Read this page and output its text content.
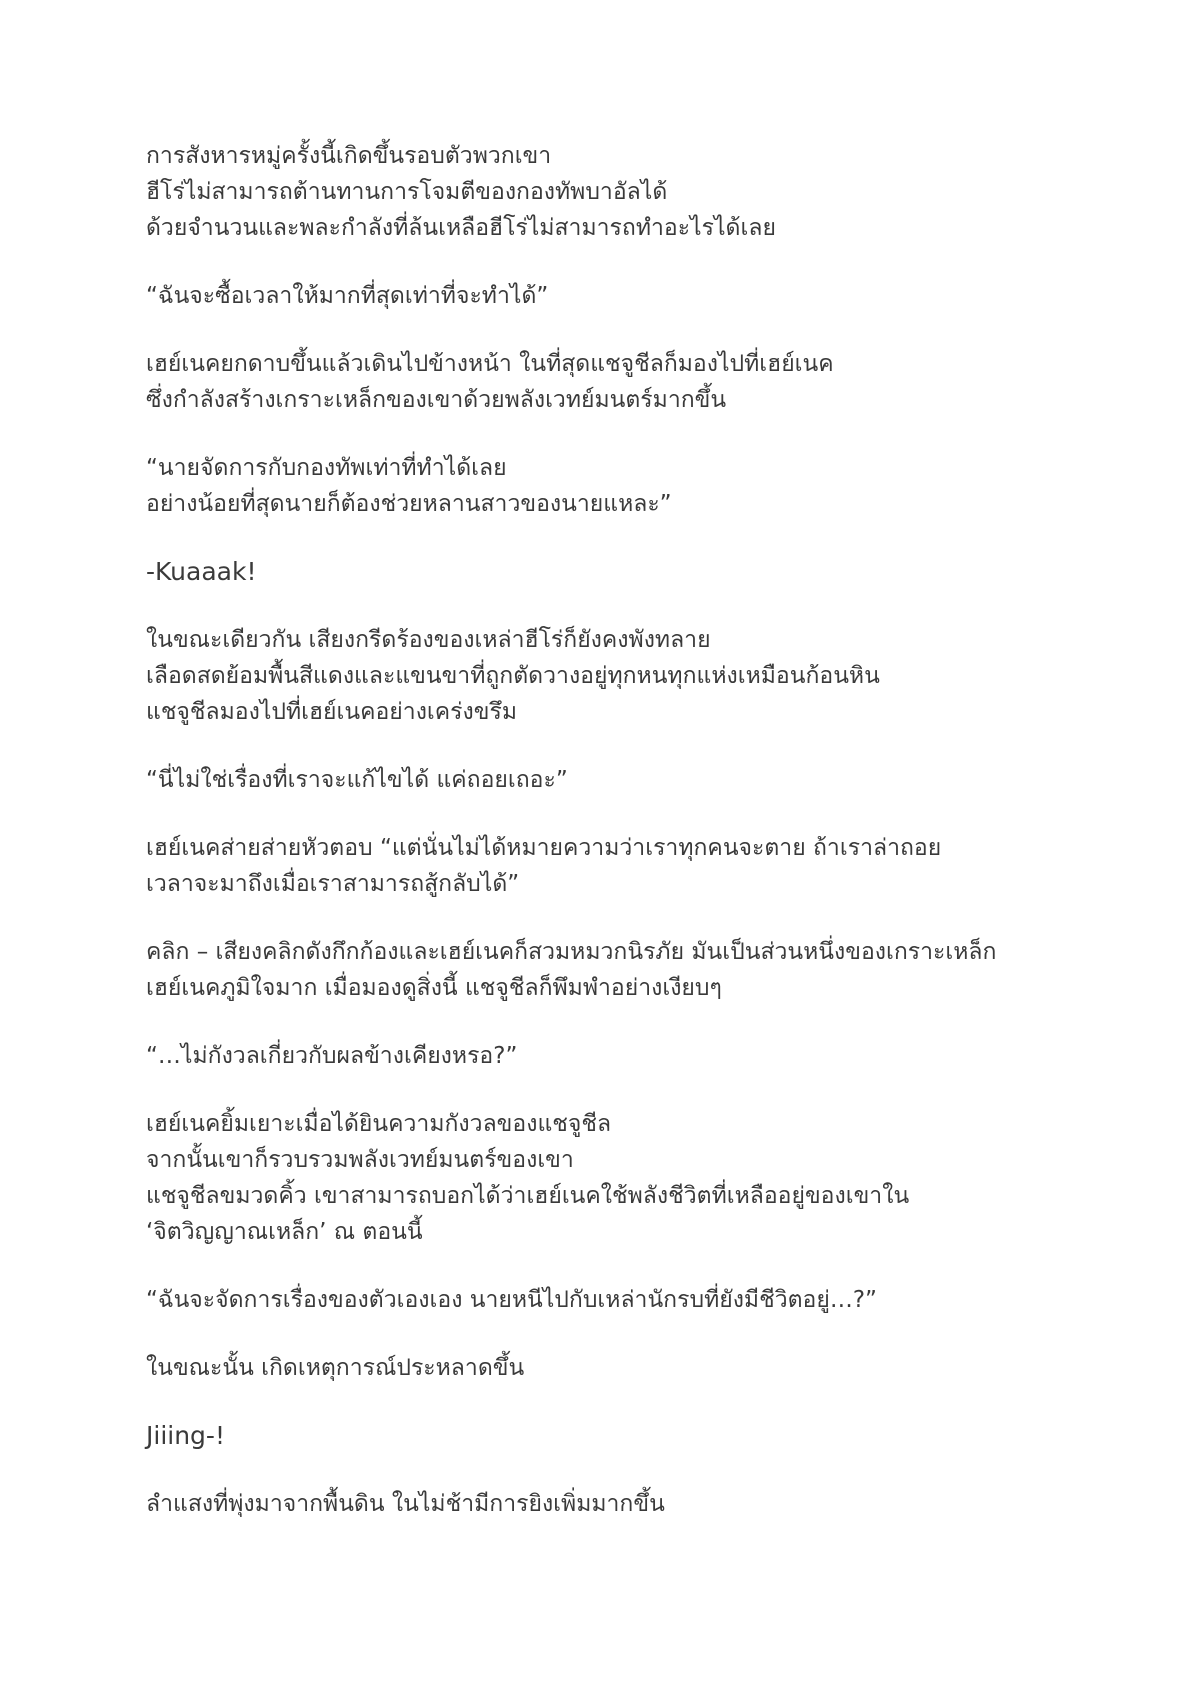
การสังหารหมู่ครั้งนี้เกิดขึ้นรอบตัวพวกเขา
ฮีโร่ไม่สามารถต้านทานการโจมตีของกองทัพบาอัลได้
ด้วยจำนวนและพละกำลังที่ล้นเหลือฮีโร่ไม่สามารถทำอะไรได้เลย

“ฉันจะซื้อเวลาให้มากที่สุดเท่าที่จะทำได้”

เฮย์เนคยกดาบขึ้นแล้วเดินไปข้างหน้า ในที่สุดแชจูชีลก็มองไปที่เฮย์เนค
ซึ่งกำลังสร้างเกราะเหล็กของเขาด้วยพลังเวทย์มนตร์มากขึ้น

“นายจัดการกับกองทัพเท่าที่ทำได้เลย
อย่างน้อยที่สุดนายก็ต้องช่วยหลานสาวของนายแหละ”

-Kuaaak!

ในขณะเดียวกัน เสียงกรีดร้องของเหล่าฮีโร่ก็ยังคงพังทลาย
เลือดสดย้อมพื้นสีแดงและแขนขาที่ถูกตัดวางอยู่ทุกหนทุกแห่งเหมือนก้อนหิน
แชจูชีลมองไปที่เฮย์เนคอย่างเคร่งขรึม

“นี่ไม่ใช่เรื่องที่เราจะแก้ไขได้ แค่ถอยเถอะ”

เฮย์เนคส่ายส่ายหัวตอบ “แต่นั่นไม่ได้หมายความว่าเราทุกคนจะตาย ถ้าเราล่าถอย
เวลาจะมาถึงเมื่อเราสามารถสู้กลับได้”

คลิก – เสียงคลิกดังกึกก้องและเฮย์เนคก็สวมหมวกนิรภัย มันเป็นส่วนหนึ่งของเกราะเหล็ก
เฮย์เนคภูมิใจมาก เมื่อมองดูสิ่งนี้ แชจูชีลก็พึมพำอย่างเงียบๆ

“…ไม่กังวลเกี่ยวกับผลข้างเคียงหรอ?”

เฮย์เนคยิ้มเยาะเมื่อได้ยินความกังวลของแชจูชีล
จากนั้นเขาก็รวบรวมพลังเวทย์มนตร์ของเขา
แชจูชีลขมวดคิ้ว เขาสามารถบอกได้ว่าเฮย์เนคใช้พลังชีวิตที่เหลืออยู่ของเขาใน
‘จิตวิญญาณเหล็ก’ ณ ตอนนี้

“ฉันจะจัดการเรื่องของตัวเองเอง นายหนีไปกับเหล่านักรบที่ยังมีชีวิตอยู่…?”

ในขณะนั้น เกิดเหตุการณ์ประหลาดขึ้น

Jiiing-!

ลำแสงที่พุ่งมาจากพื้นดิน ในไม่ช้ามีการยิงเพิ่มมากขึ้น
